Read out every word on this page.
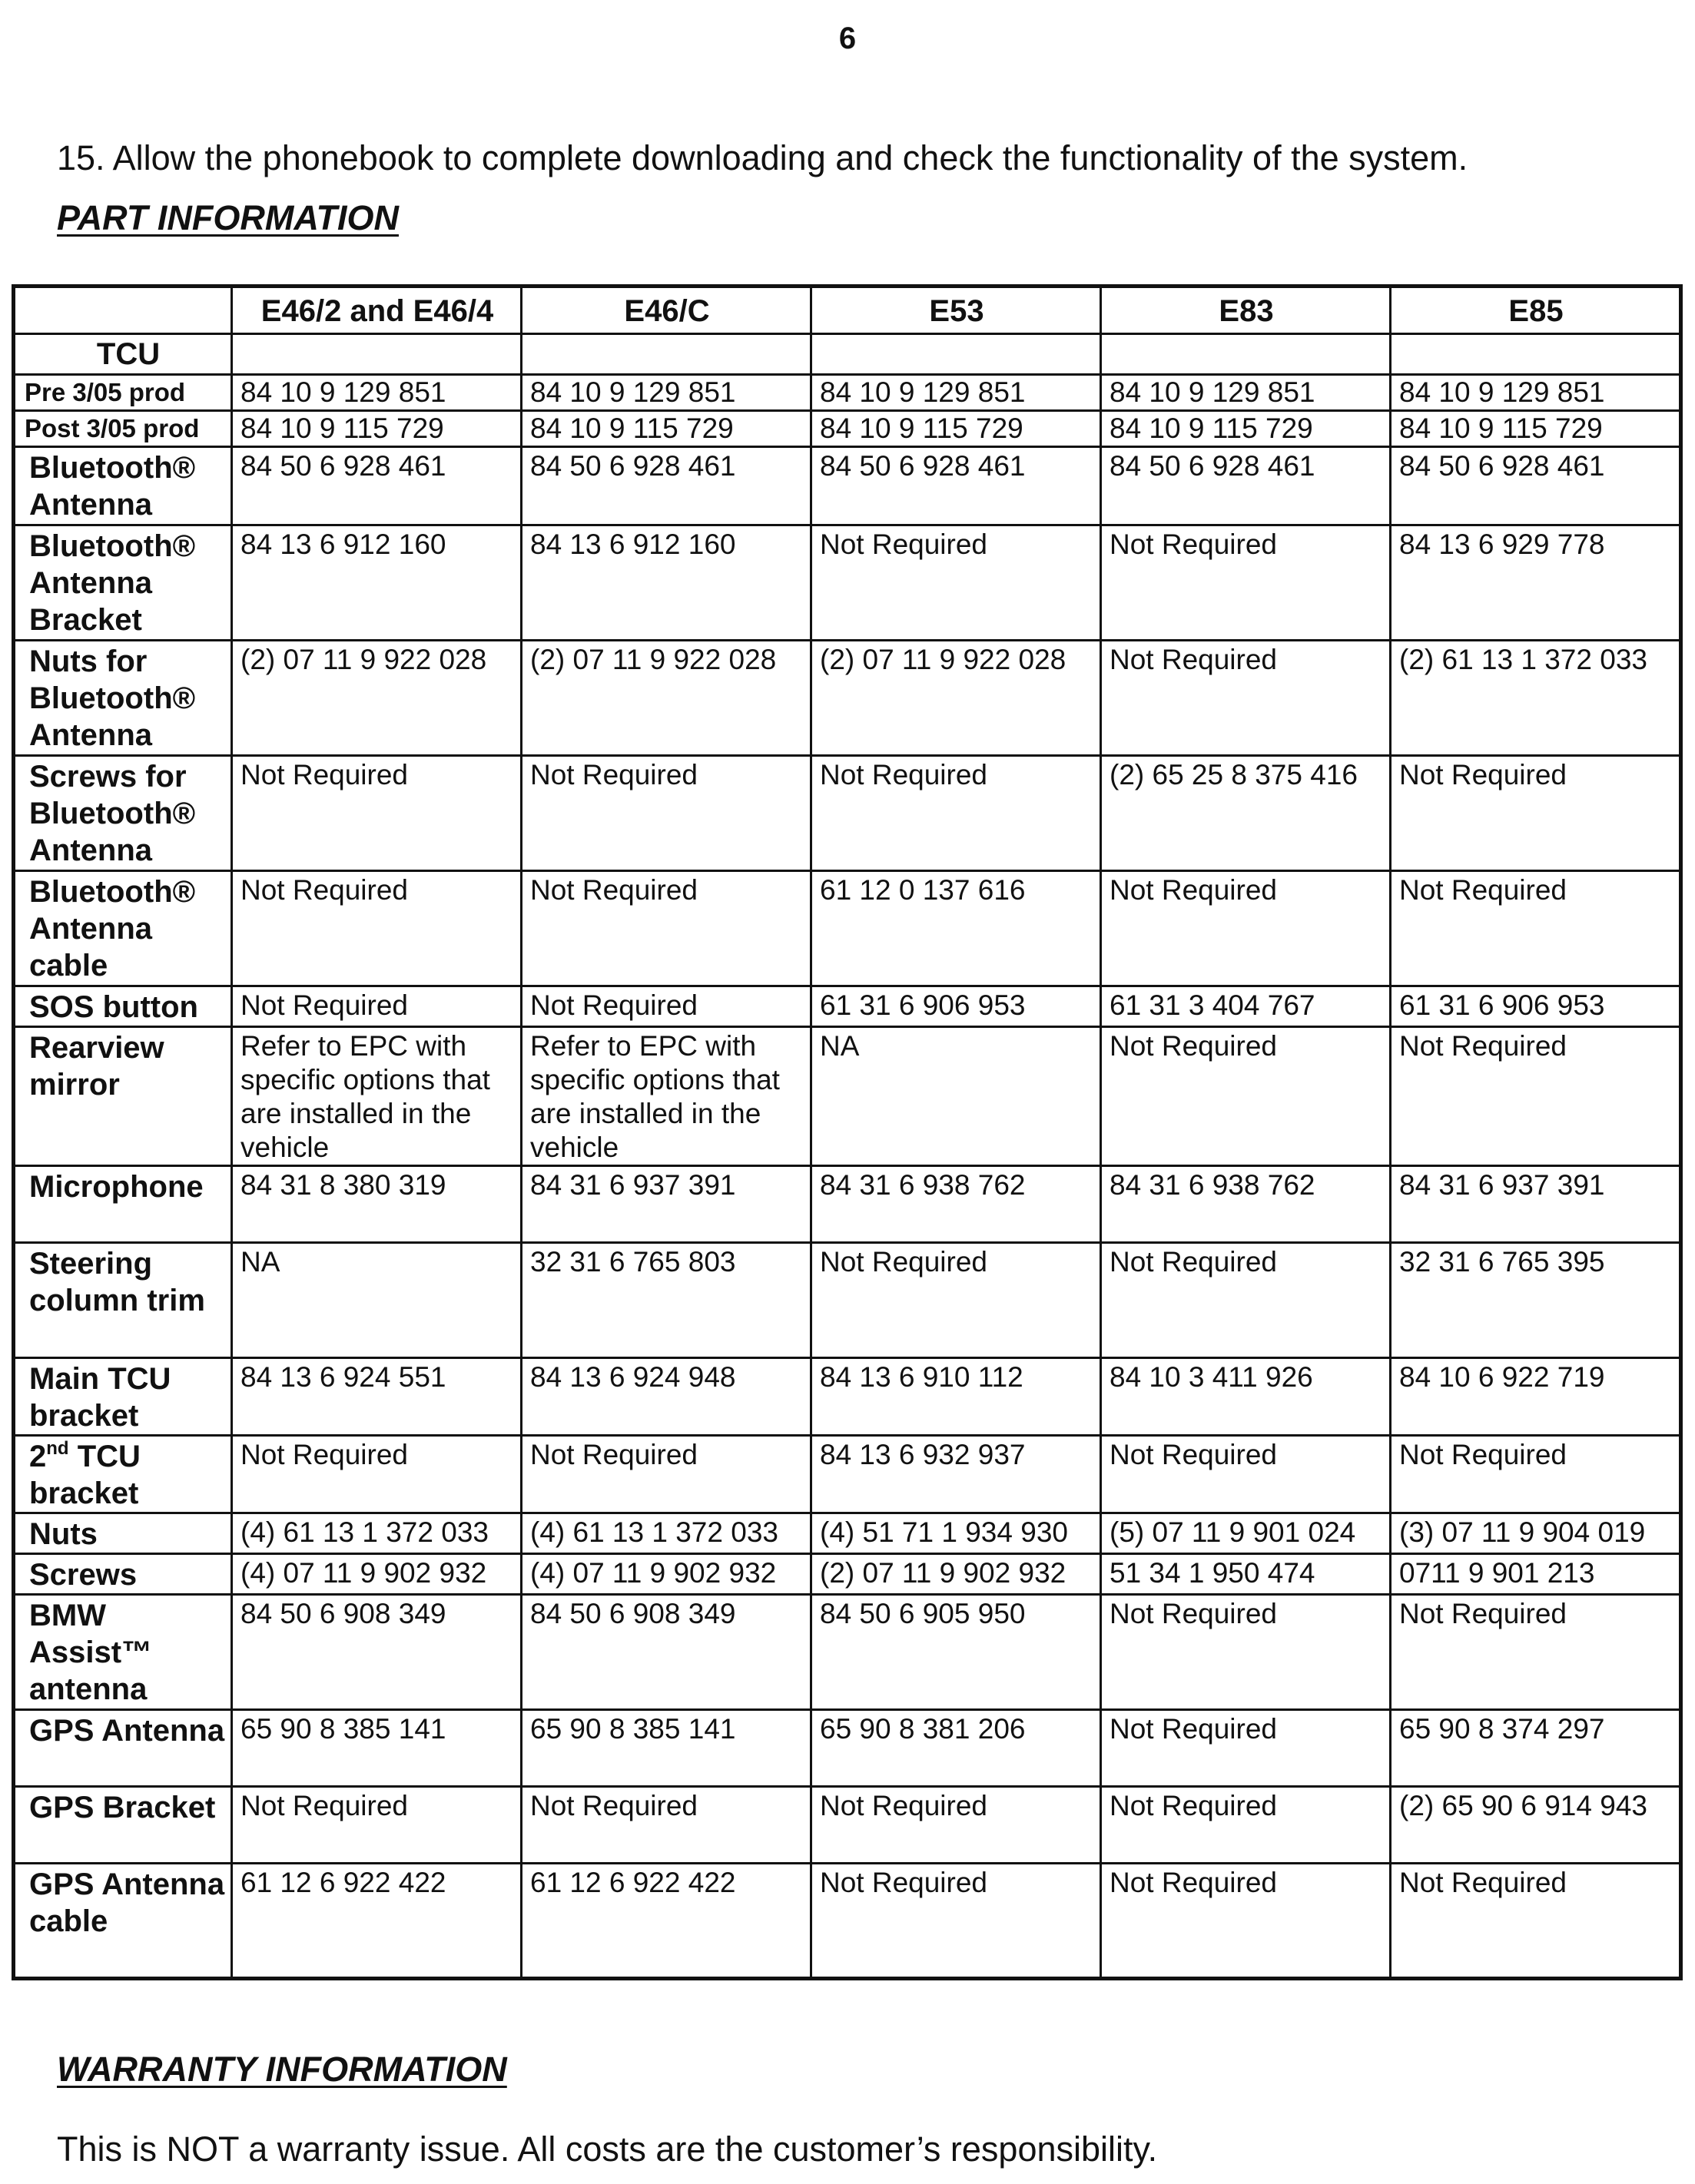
6
15. Allow the phonebook to complete downloading and check the functionality of the system.
PART INFORMATION
	E46/2 and E46/4	E46/C	E53	E83	E85
TCU					

Pre 3/05 prod	84 10 9 129 851	84 10 9 129 851	84 10 9 129 851	84 10 9 129 851	84 10 9 129 851

Post 3/05 prod	84 10 9 115 729	84 10 9 115 729	84 10 9 115 729	84 10 9 115 729	84 10 9 115 729
Bluetooth® Antenna	84 50 6 928 461	84 50 6 928 461	84 50 6 928 461	84 50 6 928 461	84 50 6 928 461
Bluetooth® Antenna Bracket	84 13 6 912 160	84 13 6 912 160	Not Required	Not Required	84 13 6 929 778
Nuts for Bluetooth® Antenna	(2) 07 11 9 922 028	(2) 07 11 9 922 028	(2) 07 11 9 922 028	Not Required	(2) 61 13 1 372 033
Screws for Bluetooth® Antenna	Not Required	Not Required	Not Required	(2) 65 25 8 375 416	Not Required
Bluetooth® Antenna cable	Not Required	Not Required	61 12 0 137 616	Not Required	Not Required
SOS button	Not Required	Not Required	61 31 6 906 953	61 31 3 404 767	61 31 6 906 953
Rearview mirror	Refer to EPC with specific options that are installed in the vehicle	Refer to EPC with specific options that are installed in the vehicle	NA	Not Required	Not Required
Microphone	84 31 8 380 319	84 31 6 937 391	84 31 6 938 762	84 31 6 938 762	84 31 6 937 391
Steering column trim	NA	32 31 6 765 803	Not Required	Not Required	32 31 6 765 395
Main TCU bracket	84 13 6 924 551	84 13 6 924 948	84 13 6 910 112	84 10 3 411 926	84 10 6 922 719
2nd TCU bracket	Not Required	Not Required	84 13 6 932 937	Not Required	Not Required
Nuts	(4) 61 13 1 372 033	(4) 61 13 1 372 033	(4) 51 71 1 934 930	(5) 07 11 9 901 024	(3) 07 11 9 904 019
Screws	(4) 07 11 9 902 932	(4) 07 11 9 902 932	(2) 07 11 9 902 932	51 34 1 950 474	0711 9 901 213
BMW Assist™ antenna	84 50 6 908 349	84 50 6 908 349	84 50 6 905 950	Not Required	Not Required
GPS Antenna	65 90 8 385 141	65 90 8 385 141	65 90 8 381 206	Not Required	65 90 8 374 297
GPS Bracket	Not Required	Not Required	Not Required	Not Required	(2) 65 90 6 914 943
GPS Antenna cable	61 12 6 922 422	61 12 6 922 422	Not Required	Not Required	Not Required
WARRANTY INFORMATION
This is NOT a warranty issue. All costs are the customer’s responsibility.
